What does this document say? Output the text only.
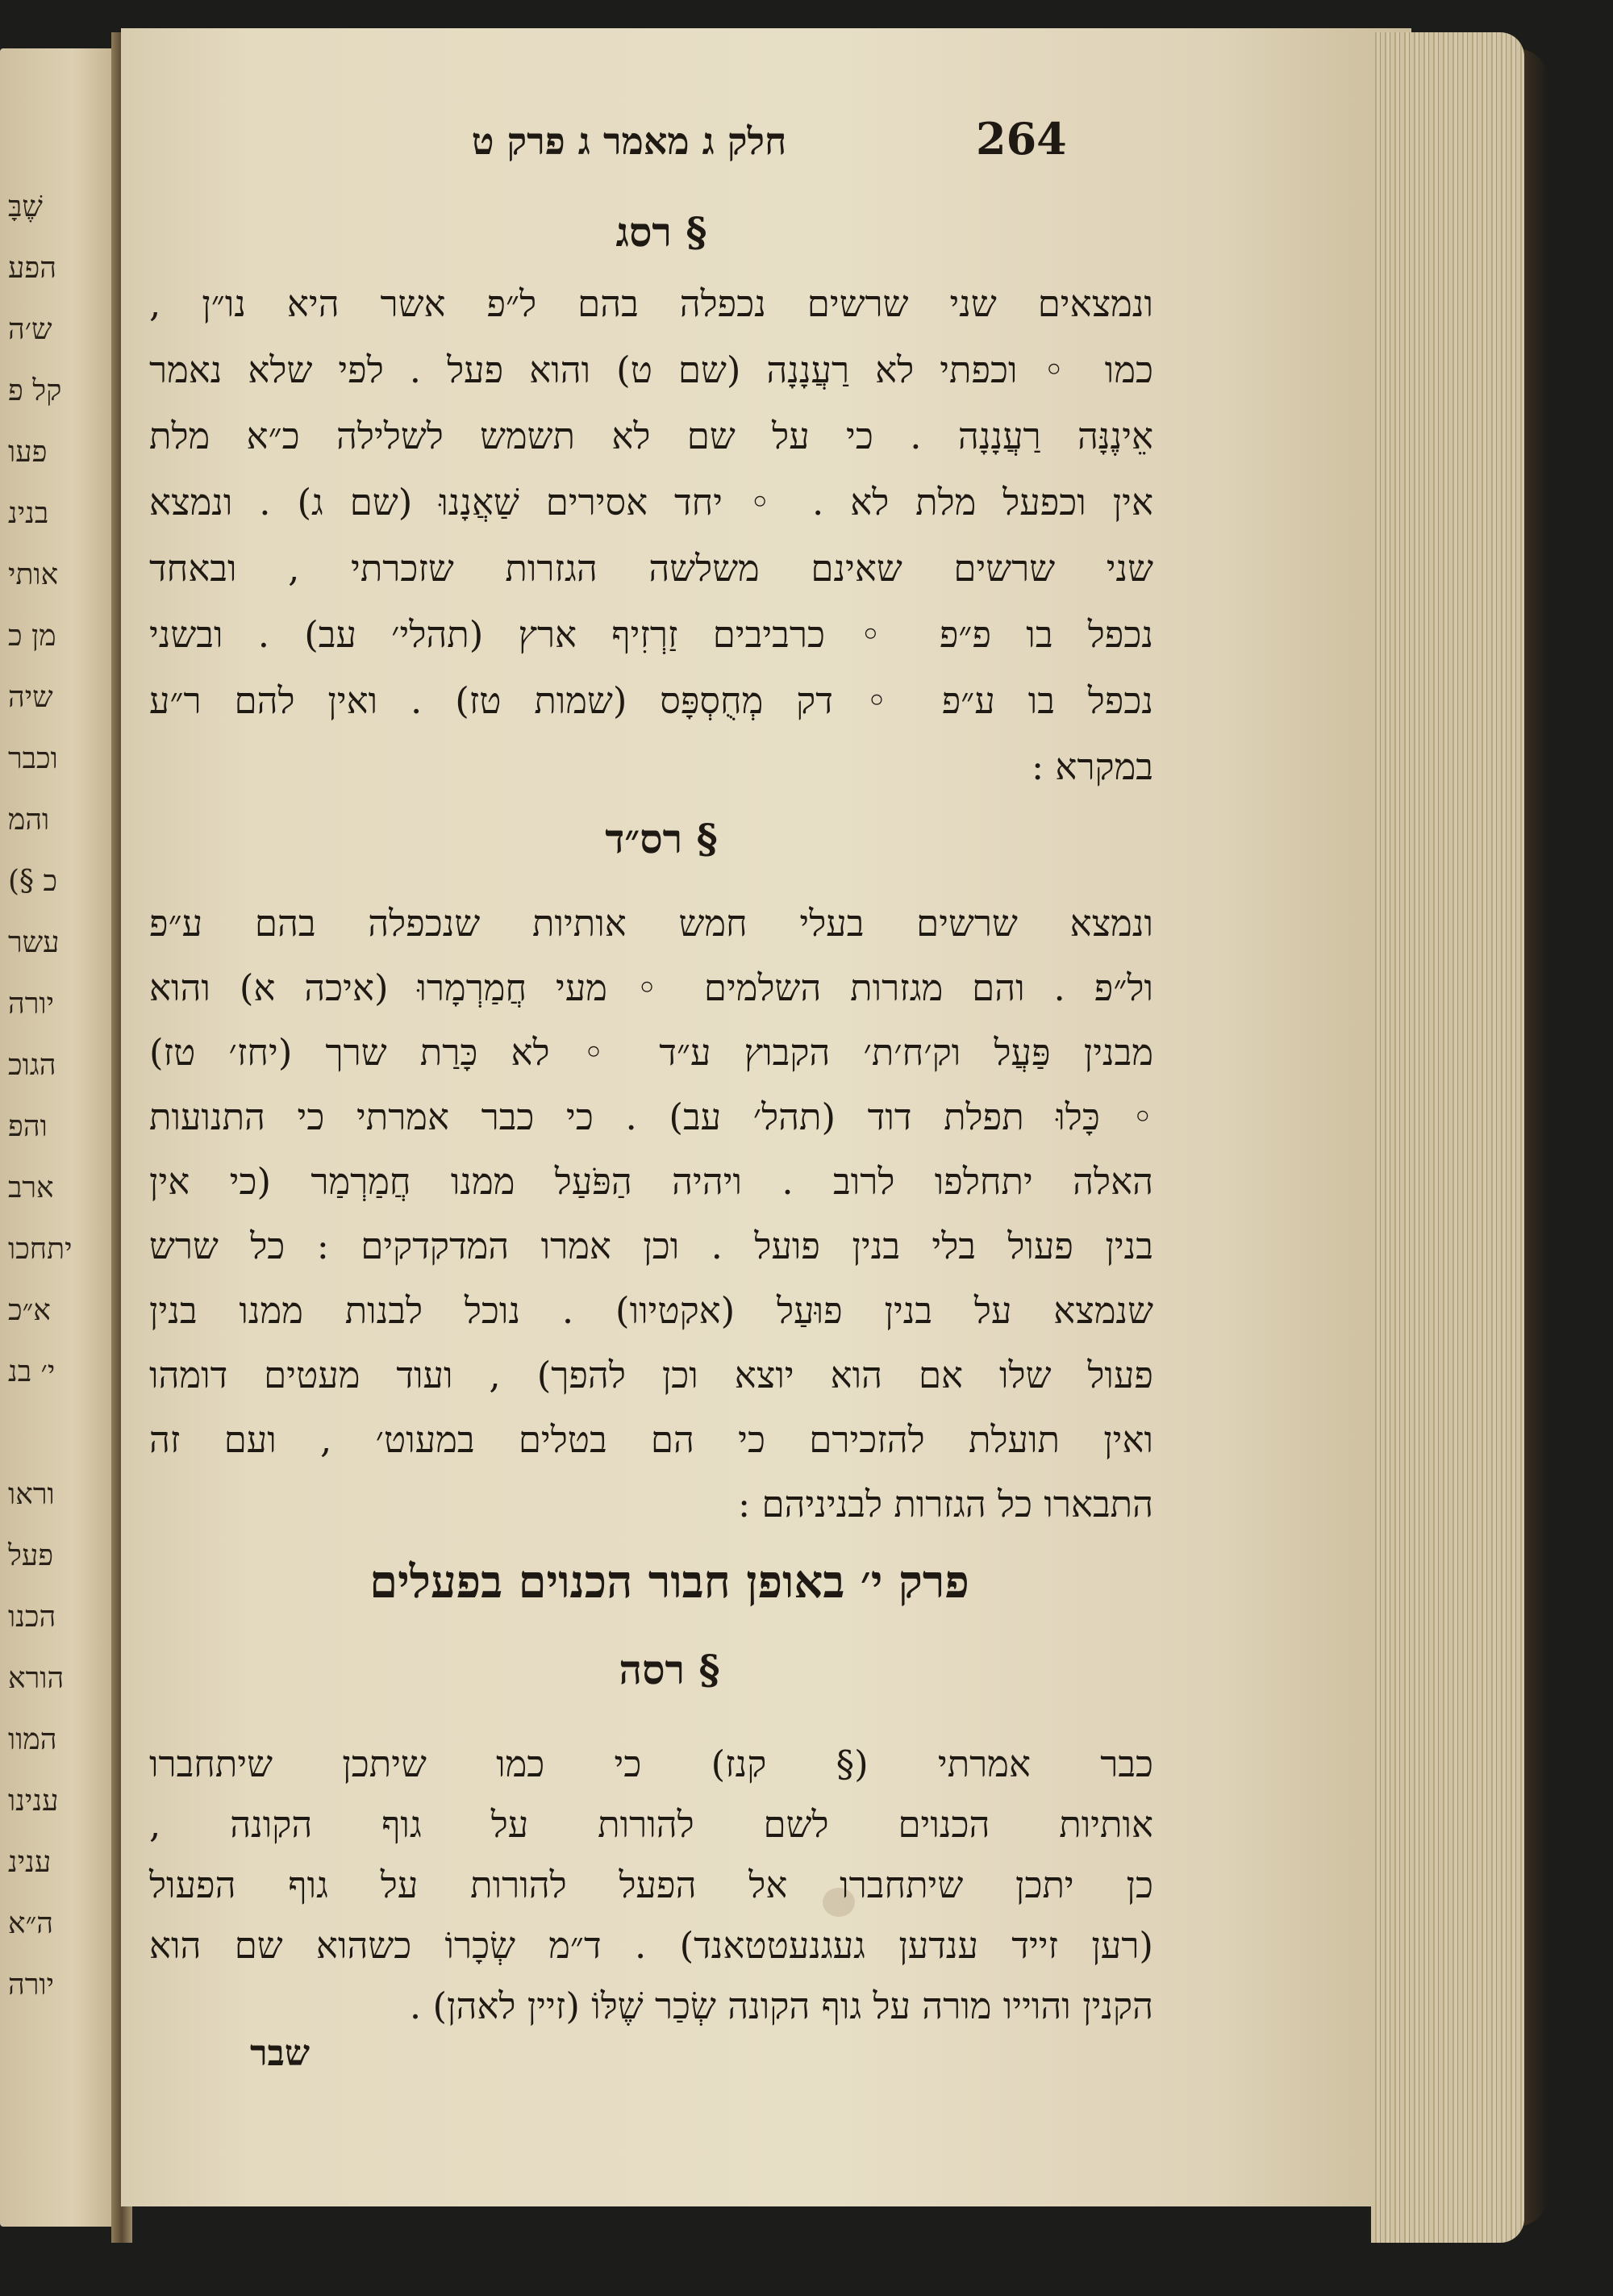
שֶׁבָּ
הפע
ש׳ה
קל פ
פעו
בנינ
אותי
מן כ
שיה
וכבר
והמ
(§ כ
עשר
יורה
הגוכ
והפ
ארב
יתחכו
א״כ
י׳ בנ
וראו
פעל
הכנו
הורא
המוו
ענינו
ענינ
ה״א
יורה
חלק ג מאמר ג פרק ט	264
§ רסג
ונמצאים שני שרשים נכפלה בהם ל״פ אשר היא נו״ן ,
כמו ◦ וכפתי לא רַעֲנָנָה (שם ט) והוא פעל . לפי שלא נאמר
אֵינֶנָּה רַעֲנָנָה . כי על שם לא תשמש לשלילה כ״א מלת
אין וכפעל מלת לא . ◦ יחד אסירים שַׁאֲנָנוּ (שם ג) . ונמצא
שני שרשים שאינם משלשה הגזרות שזכרתי , ובאחד
נכפל בו פ״פ ◦ כרביבים זַרְזִיף ארץ (תהלי׳ עב) . ובשני
נכפל בו ע״פ ◦ דק מְחֻסְפָּס (שמות טז) . ואין להם ר״ע
במקרא :
§ רס״ד
ונמצא שרשים בעלי חמש אותיות שנכפלה בהם ע״פ
ול״פ . והם מגזרות השלמים ◦ מעי חֲמַרְמָרוּ (איכה א) והוא
מבנין פַּעֲל וק׳ח׳ת׳ הקבוץ ע״ד ◦ לא כָּרַת שרך (יחז׳ טז)
◦ כָּלוּ תפלת דוד (תהל׳ עב) . כי כבר אמרתי כי התנועות
האלה יתחלפו לרוב . ויהיה הַפֹּעַל ממנו חֲמַרְמַר (כי אין
בנין פעול בלי בנין פועל . וכן אמרו המדקדקים : כל שרש
שנמצא על בנין פוּעַל (אקטיוו) . נוכל לבנות ממנו בנין
פעול שלו אם הוא יוצא וכן להפך) , ועוד מעטים דומהו
ואין תועלת להזכירם כי הם בטלים במעוט׳ , ועם זה
התבארו כל הגזרות לבניניהם :
פרק י׳ באופן חבור הכנוים בפעלים
§ רסה
כבר אמרתי (§ קנז) כי כמו שיתכן שיתחברו
אותיות הכנוים לשם להורות על גוף הקונה ,
כן יתכן שיתחברו אל הפעל להורות על גוף הפעול
(רען זייד ענדען געגנעטטאנד) . ד״מ שְׂכָרוֹ כשהוא שם הוא
הקנין והוייו מורה על גוף הקונה שְׂכַר שֶׁלּוֹ (זיין לאהן) .
שבר
